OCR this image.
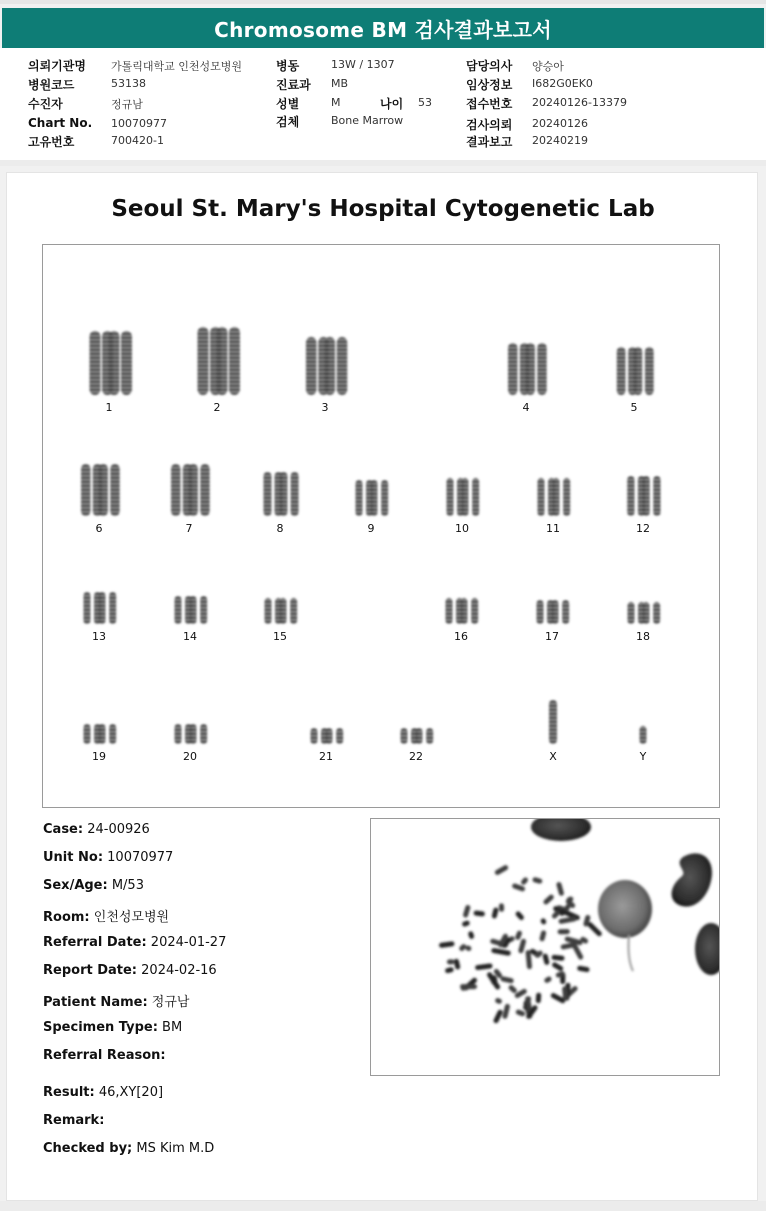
Chromosome BM 검사결과보고서
의뢰기관명 가톨릭대학교 인천성모병원
병원코드	53138
수진자	정규남
Chart No. 10070977
고유번호	700420-1
병동	13W / 1307
진료과 MB
성별	M	나이 53
검체	Bone Marrow
담당의사 양승아
임상정보 I682G0EK0
접수번호 20240126-13379
검사의뢰 20240126
결과보고 20240219
Seoul St. Mary's Hospital Cytogenetic Lab
1	2	3	4	5
6	7	8	9	10	11	12
13	14	15	16	17	18
19	20	21	22	X	Y
Case: 24-00926
Unit No: 10070977
Sex/Age: M/53
Room: 인천성모병원
Referral Date: 2024-01-27
Report Date: 2024-02-16
Patient Name: 정규남
Specimen Type: BM
Referral Reason:
Result: 46,XY[20]
Remark:
Checked by; MS Kim M.D
